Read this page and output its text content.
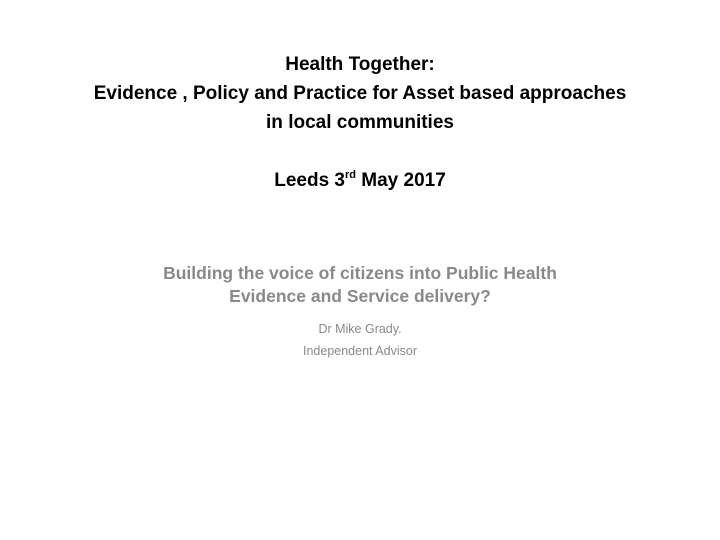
Health Together:
Evidence , Policy and Practice for Asset based approaches
in local communities
Leeds 3rd May 2017
Building the voice of citizens into Public Health
Evidence and Service delivery?
Dr Mike Grady.
Independent Advisor
